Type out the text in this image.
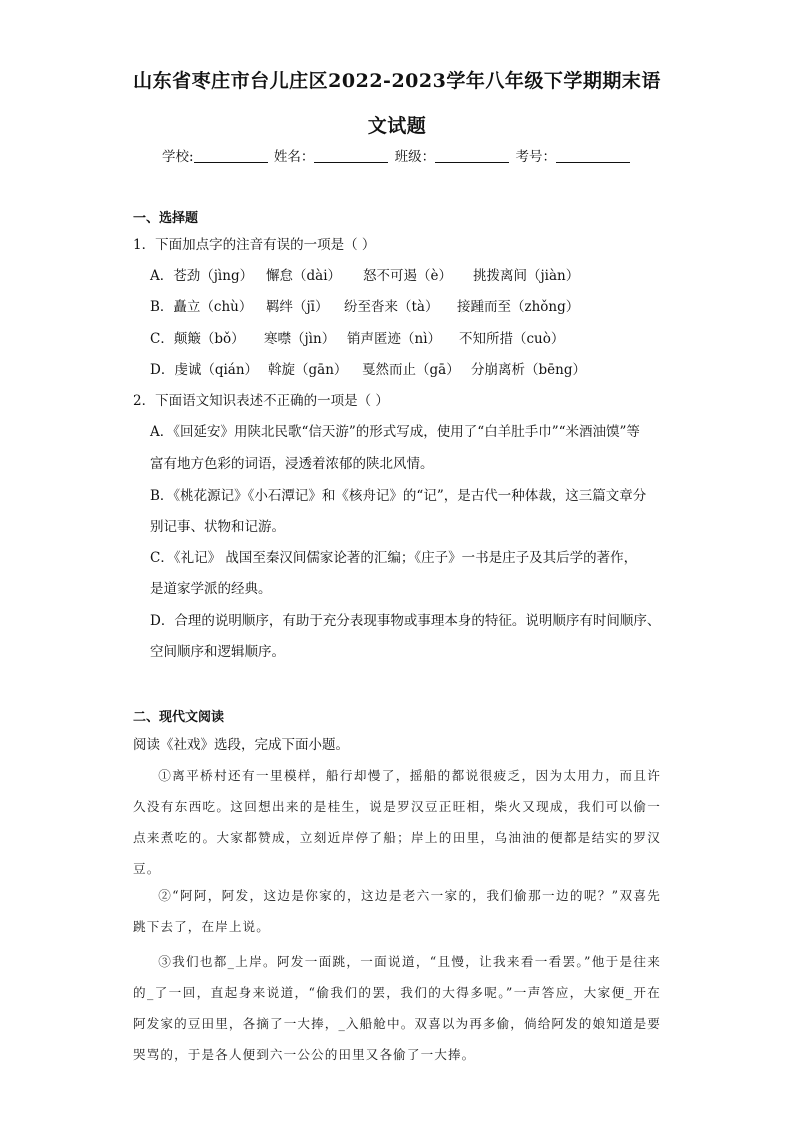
山东省枣庄市台儿庄区2022-2023学年八年级下学期期末语
文试题
学校:	姓名：	班级：	考号：
一、选择题
1．下面加点字的注音有误的一项是（ ）
A．苍劲（jìng） 懈怠（dài） 怒不可遏（è） 挑拨离间（jiàn）
B．矗立（chù） 羁绊（jī） 纷至沓来（tà） 接踵而至（zhǒng）
C．颠簸（bǒ） 寒噤（jìn） 销声匿迹（nì） 不知所措（cuò）
D．虔诚（qián） 斡旋（gān） 戛然而止（gā） 分崩离析（bēng）
2．下面语文知识表述不正确的一项是（ ）
A．《回延安》用陕北民歌“信天游”的形式写成，使用了“白羊肚手巾”“米酒油馍”等
富有地方色彩的词语，浸透着浓郁的陕北风情。
B．《桃花源记》《小石潭记》和《核舟记》的“记”，是古代一种体裁，这三篇文章分
别记事、状物和记游。
C．《礼记》 战国至秦汉间儒家论著的汇编；《庄子》一书是庄子及其后学的著作，
是道家学派的经典。
D．合理的说明顺序，有助于充分表现事物或事理本身的特征。说明顺序有时间顺序、
空间顺序和逻辑顺序。
二、现代文阅读
阅读《社戏》选段，完成下面小题。
①离平桥村还有一里模样，船行却慢了，摇船的都说很疲乏，因为太用力，而且许久没有东西吃。这回想出来的是桂生，说是罗汉豆正旺相，柴火又现成，我们可以偷一点来煮吃的。大家都赞成，立刻近岸停了船；岸上的田里，乌油油的便都是结实的罗汉豆。
②“阿阿，阿发，这边是你家的，这边是老六一家的，我们偷那一边的呢？”双喜先跳下去了，在岸上说。
③我们也都_上岸。阿发一面跳，一面说道，“且慢，让我来看一看罢。”他于是往来的_了一回，直起身来说道，“偷我们的罢，我们的大得多呢。”一声答应，大家便_开在阿发家的豆田里，各摘了一大捧，_入船舱中。双喜以为再多偷，倘给阿发的娘知道是要哭骂的，于是各人便到六一公公的田里又各偷了一大捧。
